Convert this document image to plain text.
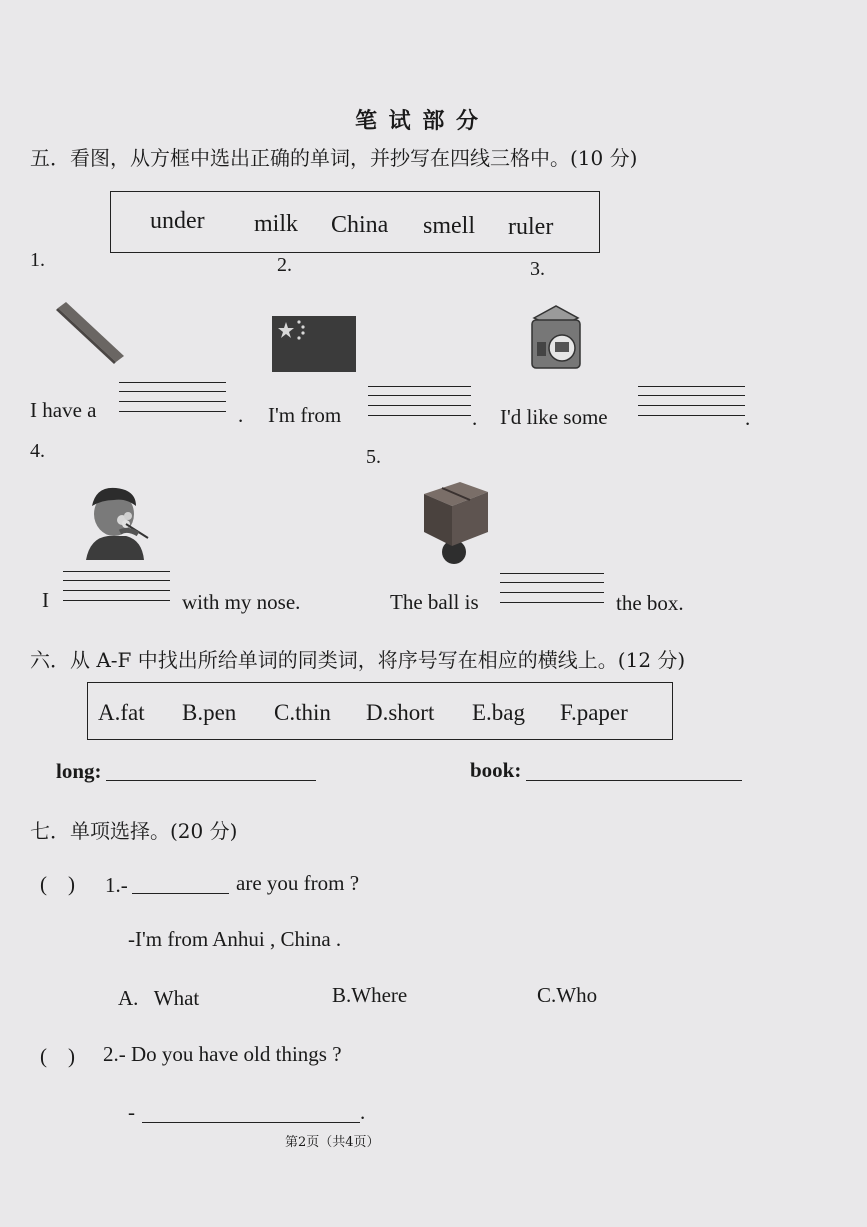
笔 试 部 分
五．看图，从方框中选出正确的单词，并抄写在四线三格中。(10 分)
under milk China smell ruler
1.	2.	3.
4.	5.
I have a	. I'm from	. I'd like some	.
I	with my nose.	The ball is	the box.
六．从 A-F 中找出所给单词的同类词，将序号写在相应的横线上。(12 分)
A.fat B.pen C.thin D.short E.bag F.paper
long:	book:
七．单项选择。(20 分)
(    ) 1.-	are you from ?
-I'm from Anhui , China .
A.   What	B.Where	C.Who
(    ) 2.- Do you have old things ?
-	.
第2页（共4页）
